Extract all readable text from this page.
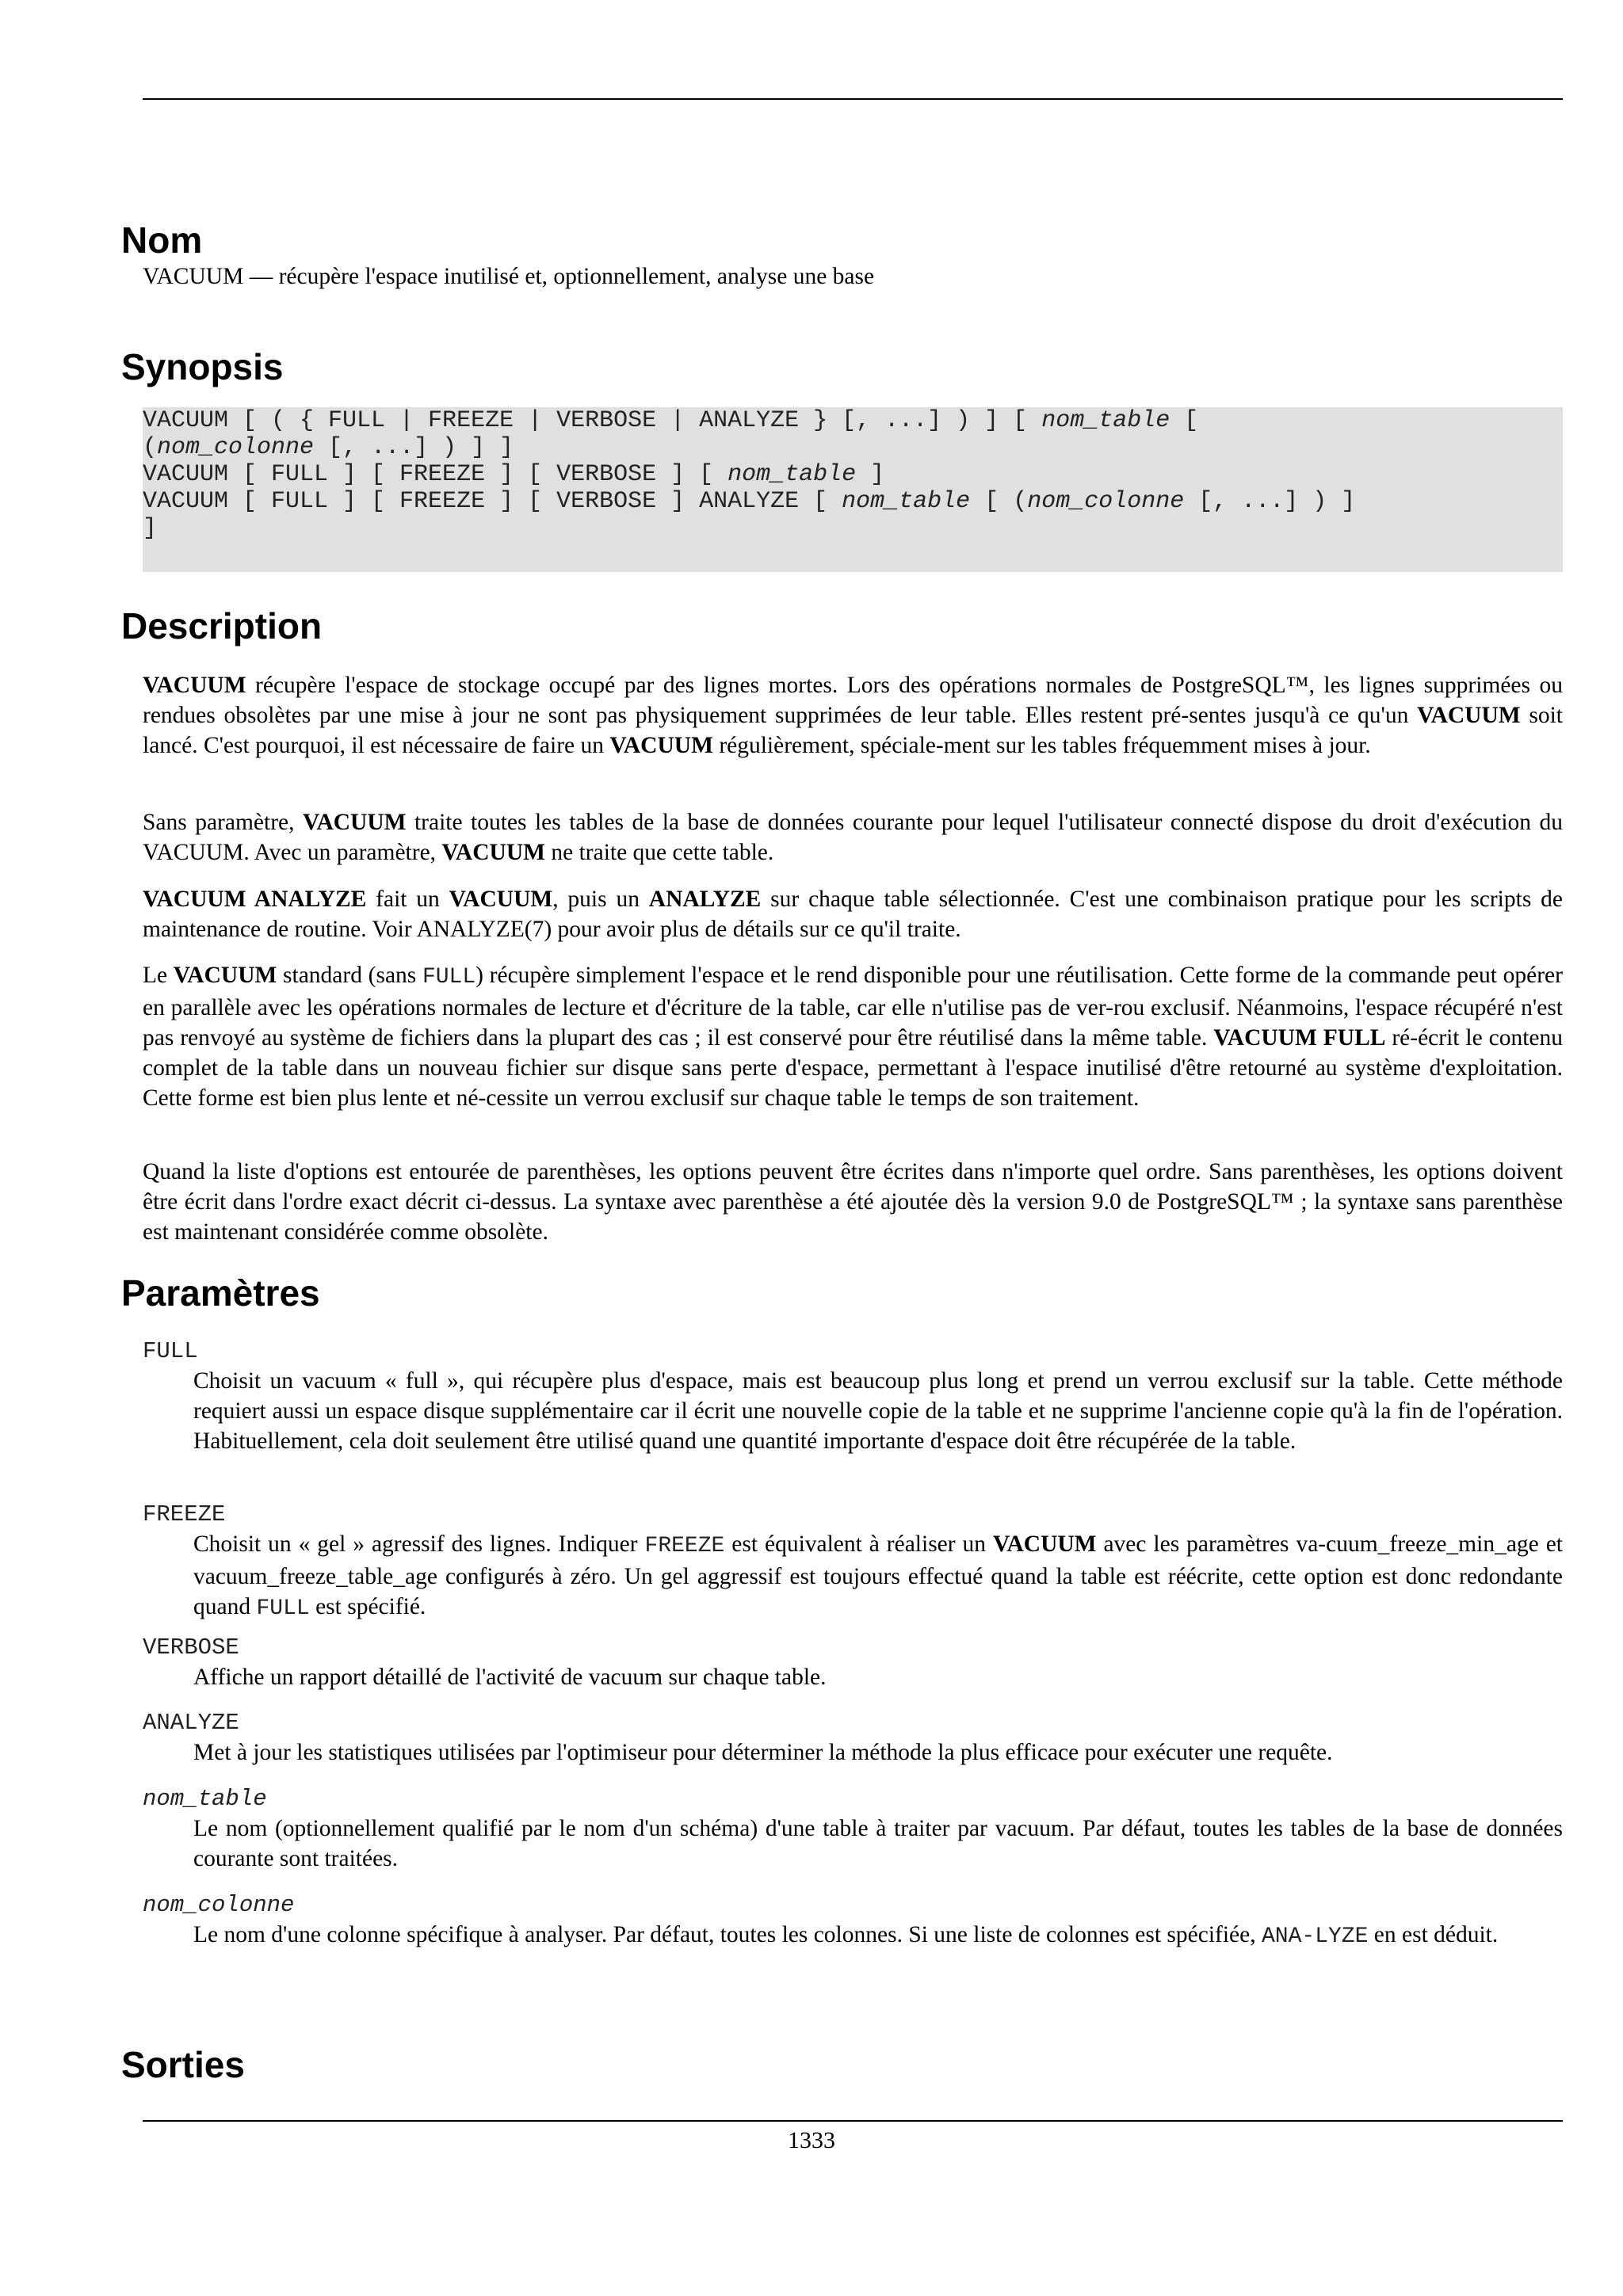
Nom

VACUUM — récupère l'espace inutilisé et, optionnellement, analyse une base

Synopsis
VACUUM [ ( { FULL | FREEZE | VERBOSE | ANALYZE } [, ...] ) ] [ nom_table [
(nom_colonne [, ...] ) ] ]
VACUUM [ FULL ] [ FREEZE ] [ VERBOSE ] [ nom_table ]
VACUUM [ FULL ] [ FREEZE ] [ VERBOSE ] ANALYZE [ nom_table [ (nom_colonne [, ...] ) ]
]
Description

VACUUM récupère l'espace de stockage occupé par des lignes mortes. Lors des opérations normales de PostgreSQL™, les lignes supprimées ou rendues obsolètes par une mise à jour ne sont pas physiquement supprimées de leur table. Elles restent pré-sentes jusqu'à ce qu'un VACUUM soit lancé. C'est pourquoi, il est nécessaire de faire un VACUUM régulièrement, spéciale-ment sur les tables fréquemment mises à jour.

Sans paramètre, VACUUM traite toutes les tables de la base de données courante pour lequel l'utilisateur connecté dispose du droit d'exécution du VACUUM. Avec un paramètre, VACUUM ne traite que cette table.

VACUUM ANALYZE fait un VACUUM, puis un ANALYZE sur chaque table sélectionnée. C'est une combinaison pratique pour les scripts de maintenance de routine. Voir ANALYZE(7) pour avoir plus de détails sur ce qu'il traite.

Le VACUUM standard (sans FULL) récupère simplement l'espace et le rend disponible pour une réutilisation. Cette forme de la commande peut opérer en parallèle avec les opérations normales de lecture et d'écriture de la table, car elle n'utilise pas de ver-rou exclusif. Néanmoins, l'espace récupéré n'est pas renvoyé au système de fichiers dans la plupart des cas ; il est conservé pour être réutilisé dans la même table. VACUUM FULL ré-écrit le contenu complet de la table dans un nouveau fichier sur disque sans perte d'espace, permettant à l'espace inutilisé d'être retourné au système d'exploitation. Cette forme est bien plus lente et né-cessite un verrou exclusif sur chaque table le temps de son traitement.

Quand la liste d'options est entourée de parenthèses, les options peuvent être écrites dans n'importe quel ordre. Sans parenthèses, les options doivent être écrit dans l'ordre exact décrit ci-dessus. La syntaxe avec parenthèse a été ajoutée dès la version 9.0 de PostgreSQL™ ; la syntaxe sans parenthèse est maintenant considérée comme obsolète.

Paramètres
FULL

Choisit un vacuum « full », qui récupère plus d'espace, mais est beaucoup plus long et prend un verrou exclusif sur la table. Cette méthode requiert aussi un espace disque supplémentaire car il écrit une nouvelle copie de la table et ne supprime l'ancienne copie qu'à la fin de l'opération. Habituellement, cela doit seulement être utilisé quand une quantité importante d'espace doit être récupérée de la table.

FREEZE

Choisit un « gel » agressif des lignes. Indiquer FREEZE est équivalent à réaliser un VACUUM avec les paramètres va-cuum_freeze_min_age et vacuum_freeze_table_age configurés à zéro. Un gel aggressif est toujours effectué quand la table est réécrite, cette option est donc redondante quand FULL est spécifié.

VERBOSE

Affiche un rapport détaillé de l'activité de vacuum sur chaque table.

ANALYZE

Met à jour les statistiques utilisées par l'optimiseur pour déterminer la méthode la plus efficace pour exécuter une requête.

nom_table

Le nom (optionnellement qualifié par le nom d'un schéma) d'une table à traiter par vacuum. Par défaut, toutes les tables de la base de données courante sont traitées.

nom_colonne

Le nom d'une colonne spécifique à analyser. Par défaut, toutes les colonnes. Si une liste de colonnes est spécifiée, ANA-LYZE en est déduit.

Sorties
1333
